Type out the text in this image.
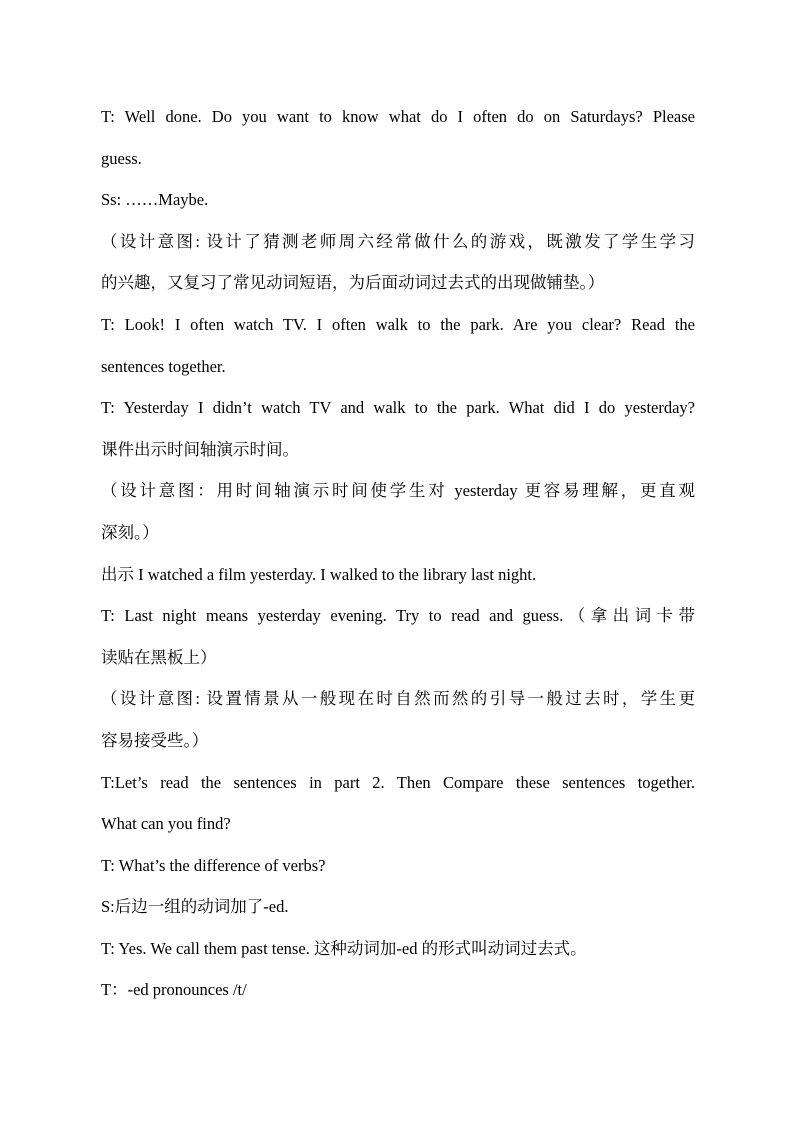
T: Well done. Do you want to know what do I often do on Saturdays? Please
guess.
Ss: ……Maybe.
（设计意图: 设计了猜测老师周六经常做什么的游戏，既激发了学生学习
的兴趣，又复习了常见动词短语，为后面动词过去式的出现做铺垫。）
T: Look! I often watch TV. I often walk to the park. Are you clear? Read the
sentences together.
T: Yesterday I didn’t watch TV and walk to the park. What did I do yesterday?
课件出示时间轴演示时间。
（设计意图：用时间轴演示时间使学生对 yesterday 更容易理解，更直观
深刻。）
出示 I watched a film yesterday. I walked to the library last night.
T: Last night means yesterday evening. Try to read and guess.（拿出词卡带
读贴在黑板上）
（设计意图: 设置情景从一般现在时自然而然的引导一般过去时，学生更
容易接受些。）
T:Let’s read the sentences in part 2. Then Compare these sentences together.
What can you find?
T: What’s the difference of verbs?
S:后边一组的动词加了-ed.
T: Yes. We call them past tense. 这种动词加-ed 的形式叫动词过去式。
T：-ed pronounces /t/
